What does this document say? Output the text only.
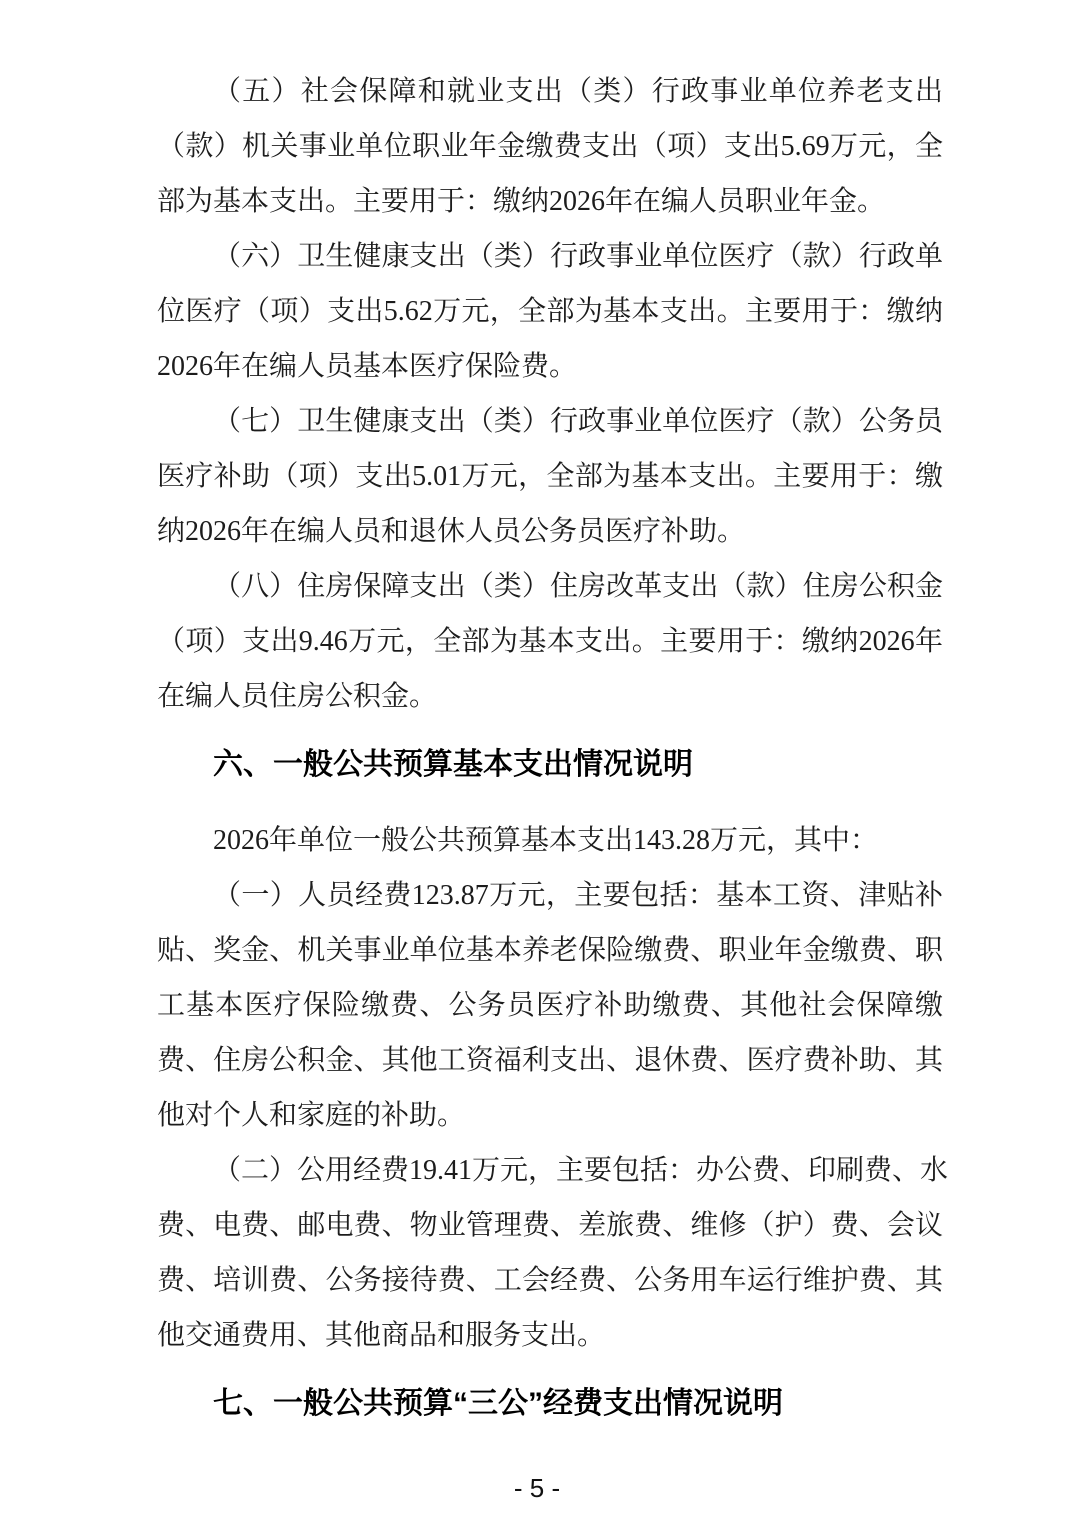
（五）社会保障和就业支出（类）行政事业单位养老支出
（款）机关事业单位职业年金缴费支出（项）支出5.69万元，全
部为基本支出。主要用于：缴纳2026年在编人员职业年金。
（六）卫生健康支出（类）行政事业单位医疗（款）行政单
位医疗（项）支出5.62万元，全部为基本支出。主要用于：缴纳
2026年在编人员基本医疗保险费。
（七）卫生健康支出（类）行政事业单位医疗（款）公务员
医疗补助（项）支出5.01万元，全部为基本支出。主要用于：缴
纳2026年在编人员和退休人员公务员医疗补助。
（八）住房保障支出（类）住房改革支出（款）住房公积金
（项）支出9.46万元，全部为基本支出。主要用于：缴纳2026年
在编人员住房公积金。
六、一般公共预算基本支出情况说明
2026年单位一般公共预算基本支出143.28万元，其中：
（一）人员经费123.87万元，主要包括：基本工资、津贴补
贴、奖金、机关事业单位基本养老保险缴费、职业年金缴费、职
工基本医疗保险缴费、公务员医疗补助缴费、其他社会保障缴
费、住房公积金、其他工资福利支出、退休费、医疗费补助、其
他对个人和家庭的补助。
（二）公用经费19.41万元，主要包括：办公费、印刷费、水
费、电费、邮电费、物业管理费、差旅费、维修（护）费、会议
费、培训费、公务接待费、工会经费、公务用车运行维护费、其
他交通费用、其他商品和服务支出。
七、一般公共预算“三公”经费支出情况说明
- 5 -
